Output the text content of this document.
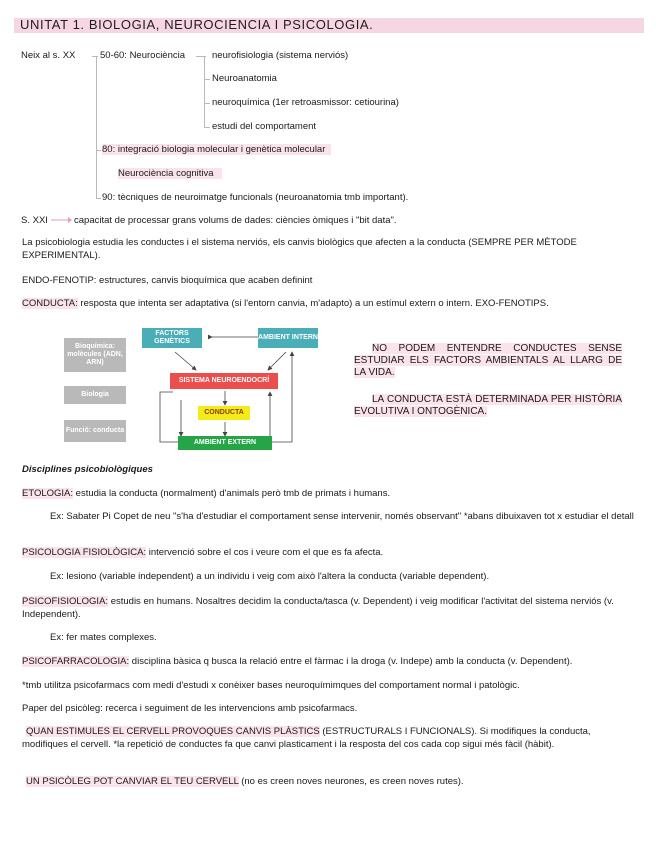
UNITAT 1. BIOLOGIA, NEUROCIENCIA I PSICOLOGIA.
Neix al s. XX	50-60: Neurociència	neurofisiologia (sistema nerviós)
Neuroanatomia
neuroquímica (1er retroasmissor: cetiourina)
estudi del comportament
80: integració biologia molecular i genètica molecular
Neurociència cognitiva
90: tècniques de neuroimatge funcionals (neuroanatomia tmb important).
S. XXI	capacitat de processar grans volums de dades: ciències òmiques i "bit data".
La psicobiologia estudia les conductes i el sistema nerviós, els canvis biològics que afecten a la conducta (SEMPRE PER MÈTODE EXPERIMENTAL).
ENDO-FENOTIP: estructures, canvis bioquímica que acaben definint
CONDUCTA: resposta que intenta ser adaptativa (si l'entorn canvia, m'adapto) a un estímul extern o intern. EXO-FENOTIPS.
Bioquímica: molècules (ADN, ARN)
Biologia
Funció: conducta
FACTORS GENÈTICS
AMBIENT INTERN
SISTEMA NEUROENDOCRÍ
CONDUCTA
AMBIENT EXTERN
NO PODEM ENTENDRE CONDUCTES SENSE ESTUDIAR ELS FACTORS AMBIENTALS AL LLARG DE LA VIDA.
LA CONDUCTA ESTÀ DETERMINADA PER HISTÒRIA EVOLUTIVA I ONTOGÈNICA.
Disciplines psicobiològiques
ETOLOGIA: estudia la conducta (normalment) d'animals però tmb de primats i humans.
Ex: Sabater Pi Copet de neu "s'ha d'estudiar el comportament sense intervenir, només observant" *abans dibuixaven tot x estudiar el detall
PSICOLOGIA FISIOLÒGICA: intervenció sobre el cos i veure com el que es fa afecta.
Ex: lesiono (variable independent) a un individu i veig com això l'altera la conducta (variable dependent).
PSICOFISIOLOGIA: estudis en humans. Nosaltres decidim la conducta/tasca (v. Dependent) i veig modificar l'activitat del sistema nerviós (v. Independent).
Ex: fer mates complexes.
PSICOFARRACOLOGIA: disciplina bàsica q busca la relació entre el fàrmac i la droga (v. Indepe) amb la conducta (v. Dependent).
*tmb utilitza psicofarmacs com medi d'estudi x conèixer bases neuroquímimques del comportament normal i patològic.
Paper del psicòleg: recerca i seguiment de les intervencions amb psicofarmacs.
QUAN ESTIMULES EL CERVELL PROVOQUES CANVIS PLÀSTICS (ESTRUCTURALS I FUNCIONALS). Si modifiques la conducta, modifiques el cervell. *la repetició de conductes fa que canvi plasticament i la resposta del cos cada cop sigui més fàcil (hàbit).
UN PSICÒLEG POT CANVIAR EL TEU CERVELL (no es creen noves neurones, es creen noves rutes).
